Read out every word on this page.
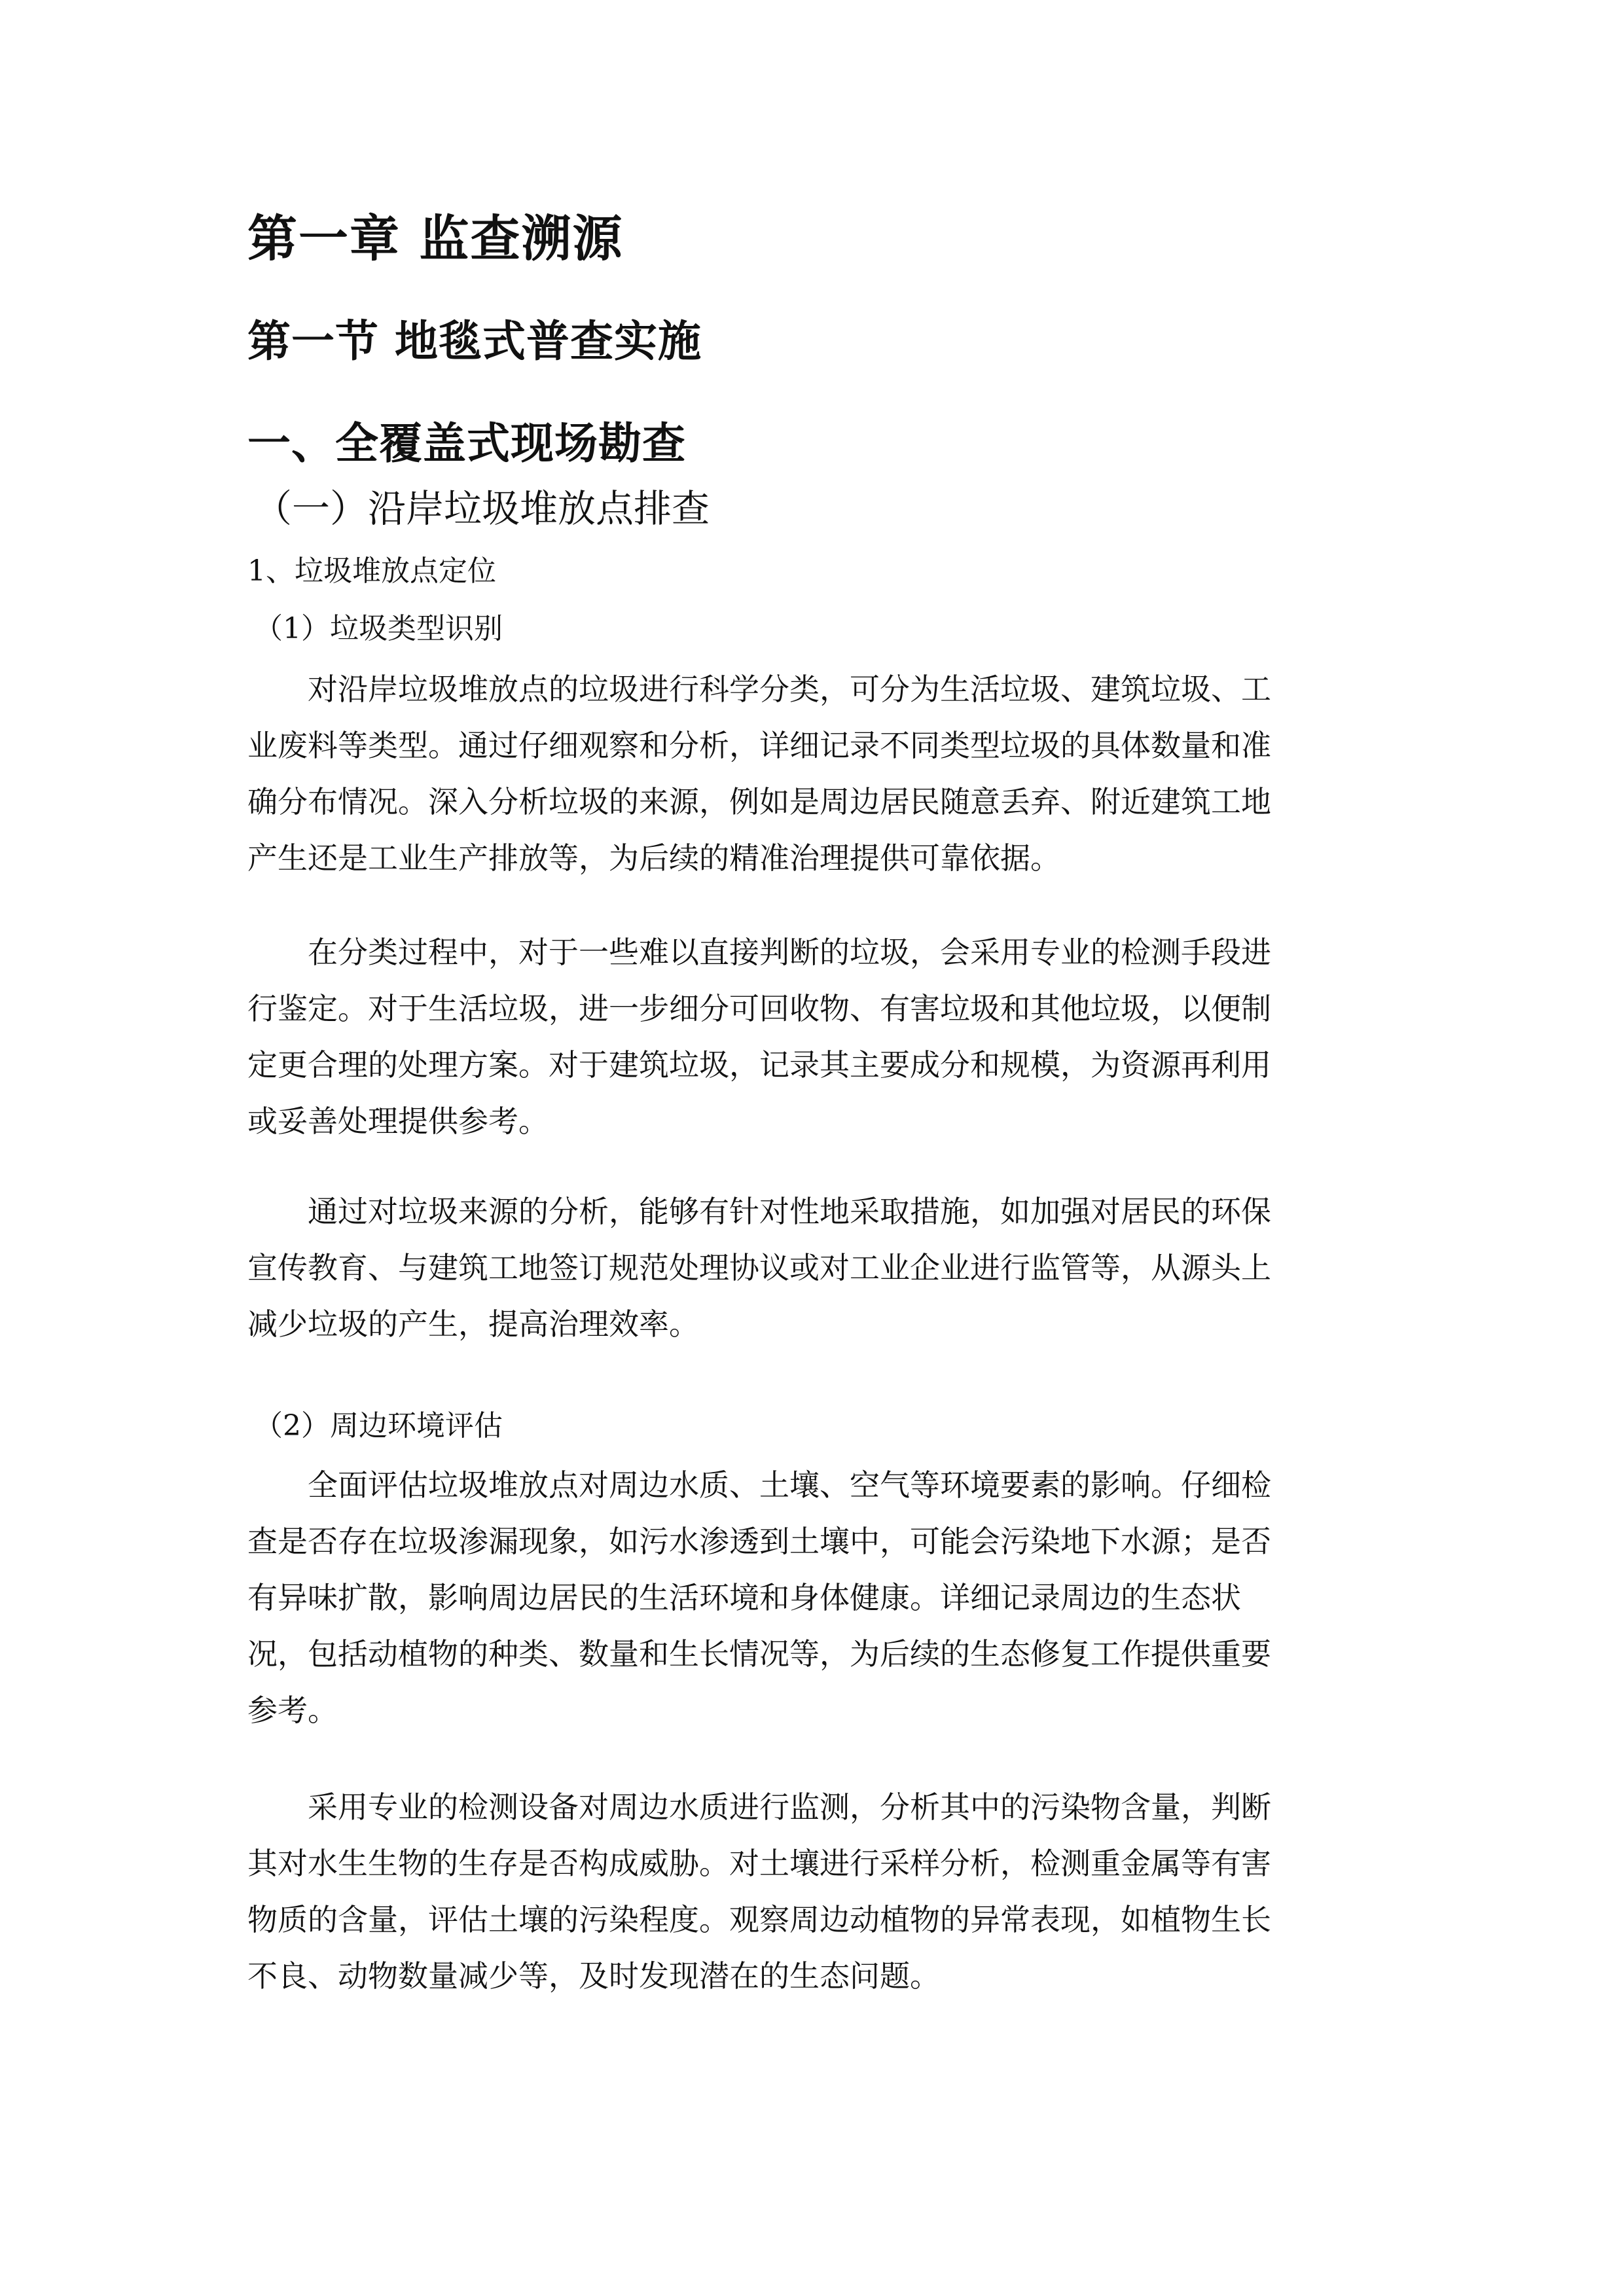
第一章 监查溯源
第一节 地毯式普查实施
一、全覆盖式现场勘查
（一）沿岸垃圾堆放点排查
1、垃圾堆放点定位
（1）垃圾类型识别
对沿岸垃圾堆放点的垃圾进行科学分类，可分为生活垃圾、建筑垃圾、工
业废料等类型。通过仔细观察和分析，详细记录不同类型垃圾的具体数量和准
确分布情况。深入分析垃圾的来源，例如是周边居民随意丢弃、附近建筑工地
产生还是工业生产排放等，为后续的精准治理提供可靠依据。
在分类过程中，对于一些难以直接判断的垃圾，会采用专业的检测手段进
行鉴定。对于生活垃圾，进一步细分可回收物、有害垃圾和其他垃圾，以便制
定更合理的处理方案。对于建筑垃圾，记录其主要成分和规模，为资源再利用
或妥善处理提供参考。
通过对垃圾来源的分析，能够有针对性地采取措施，如加强对居民的环保
宣传教育、与建筑工地签订规范处理协议或对工业企业进行监管等，从源头上
减少垃圾的产生，提高治理效率。
（2）周边环境评估
全面评估垃圾堆放点对周边水质、土壤、空气等环境要素的影响。仔细检
查是否存在垃圾渗漏现象，如污水渗透到土壤中，可能会污染地下水源；是否
有异味扩散，影响周边居民的生活环境和身体健康。详细记录周边的生态状
况，包括动植物的种类、数量和生长情况等，为后续的生态修复工作提供重要
参考。
采用专业的检测设备对周边水质进行监测，分析其中的污染物含量，判断
其对水生生物的生存是否构成威胁。对土壤进行采样分析，检测重金属等有害
物质的含量，评估土壤的污染程度。观察周边动植物的异常表现，如植物生长
不良、动物数量减少等，及时发现潜在的生态问题。
